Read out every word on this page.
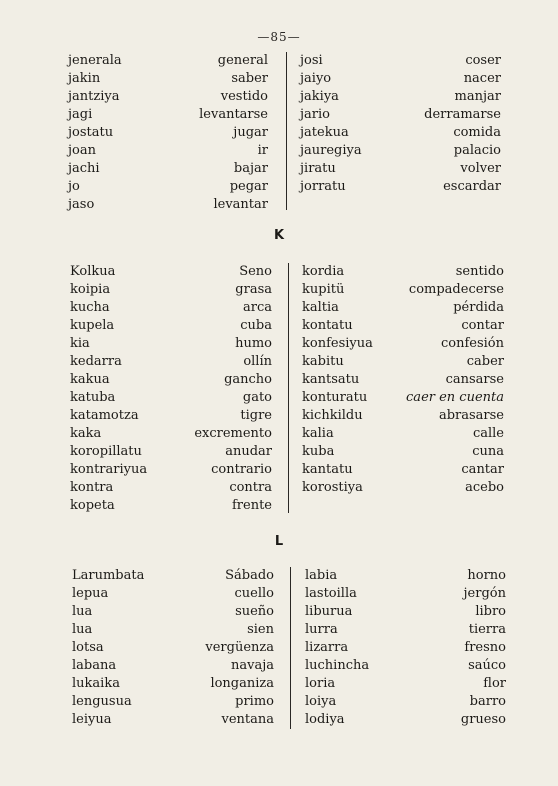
—85—
jenerala	general
jakin	saber
jantziya	vestido
jagi	levantarse
jostatu	jugar
joan	ir
jachi	bajar
jo	pegar
jaso	levantar
josi	coser
jaiyo	nacer
jakiya	manjar
jario	derramarse
jatekua	comida
jauregiya	palacio
jiratu	volver
jorratu	escardar
K
Kolkua	Seno
koipia	grasa
kucha	arca
kupela	cuba
kia	humo
kedarra	ollín
kakua	gancho
katuba	gato
katamotza	tigre
kaka	excremento
koropillatu	anudar
kontrariyua	contrario
kontra	contra
kopeta	frente
kordia	sentido
kupitü	compadecerse
kaltia	pérdida
kontatu	contar
konfesiyua	confesión
kabitu	caber
kantsatu	cansarse
konturatu	caer en cuenta
kichkildu	abrasarse
kalia	calle
kuba	cuna
kantatu	cantar
korostiya	acebo
L
Larumbata	Sábado
lepua	cuello
lua	sueño
lua	sien
lotsa	vergüenza
labana	navaja
lukaika	longaniza
lengusua	primo
leiyua	ventana
labia	horno
lastoilla	jergón
liburua	libro
lurra	tierra
lizarra	fresno
luchincha	saúco
loria	flor
loiya	barro
lodiya	grueso
